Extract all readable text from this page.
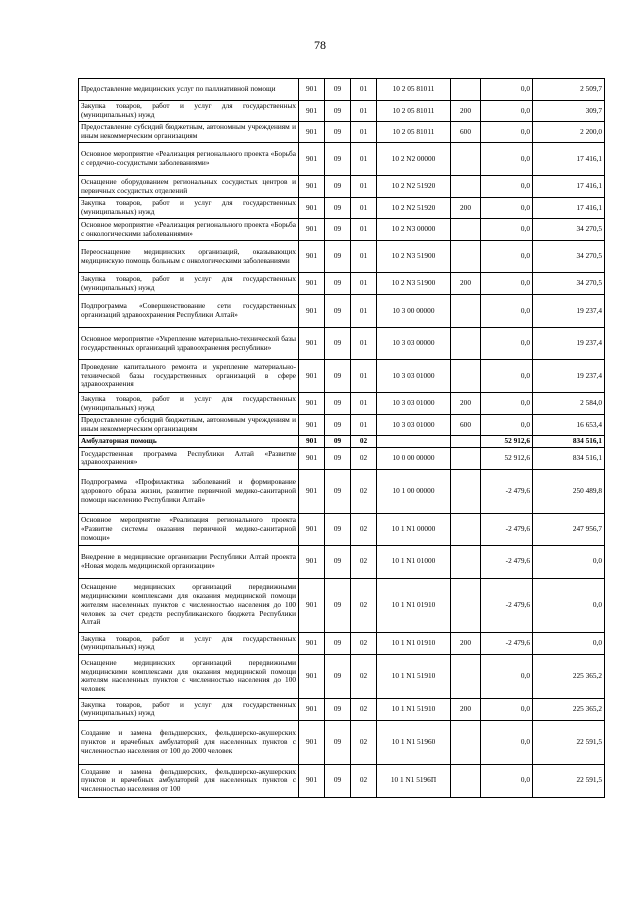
78
Предоставление медицинских услуг по паллиативной помощи	901	09	01	10 2 05 81011		0,0	2 509,7
Закупка товаров, работ и услуг для государственных (муниципальных) нужд	901	09	01	10 2 05 81011	200	0,0	309,7
Предоставление субсидий бюджетным, автономным учреждениям и иным некоммерческим организациям	901	09	01	10 2 05 81011	600	0,0	2 200,0
Основное мероприятие «Реализация регионального проекта «Борьба с сердечно-сосудистыми заболеваниями»	901	09	01	10 2 N2 00000		0,0	17 416,1
Оснащение оборудованием региональных сосудистых центров и первичных сосудистых отделений	901	09	01	10 2 N2 51920		0,0	17 416,1
Закупка товаров, работ и услуг для государственных (муниципальных) нужд	901	09	01	10 2 N2 51920	200	0,0	17 416,1
Основное мероприятие «Реализация регионального проекта «Борьба с онкологическими заболеваниями»	901	09	01	10 2 N3 00000		0,0	34 270,5
Переоснащение медицинских организаций, оказывающих медицинскую помощь больным с онкологическими заболеваниями	901	09	01	10 2 N3 51900		0,0	34 270,5
Закупка товаров, работ и услуг для государственных (муниципальных) нужд	901	09	01	10 2 N3 51900	200	0,0	34 270,5
Подпрограмма «Совершенствование сети государственных организаций здравоохранения Республики Алтай»	901	09	01	10 3 00 00000		0,0	19 237,4
Основное мероприятие «Укрепление материально-технической базы государственных организаций здравоохранения республики»	901	09	01	10 3 03 00000		0,0	19 237,4
Проведение капитального ремонта и укрепление материально-технической базы государственных организаций в сфере здравоохранения	901	09	01	10 3 03 01000		0,0	19 237,4
Закупка товаров, работ и услуг для государственных (муниципальных) нужд	901	09	01	10 3 03 01000	200	0,0	2 584,0
Предоставление субсидий бюджетным, автономным учреждениям и иным некоммерческим организациям	901	09	01	10 3 03 01000	600	0,0	16 653,4
Амбулаторная помощь	901	09	02			52 912,6	834 516,1
Государственная программа Республики Алтай «Развитие здравоохранения»	901	09	02	10 0 00 00000		52 912,6	834 516,1
Подпрограмма «Профилактика заболеваний и формирование здорового образа жизни, развитие первичной медико-санитарной помощи населению Республики Алтай»	901	09	02	10 1 00 00000		-2 479,6	250 489,8
Основное мероприятие «Реализация регионального проекта «Развитие системы оказания первичной медико-санитарной помощи»	901	09	02	10 1 N1 00000		-2 479,6	247 956,7
Внедрение в медицинские организации Республики Алтай проекта «Новая модель медицинской организации»	901	09	02	10 1 N1 01000		-2 479,6	0,0
Оснащение медицинских организаций передвижными медицинскими комплексами для оказания медицинской помощи жителям населенных пунктов с численностью населения до 100 человек за счет средств республиканского бюджета Республики Алтай	901	09	02	10 1 N1 01910		-2 479,6	0,0
Закупка товаров, работ и услуг для государственных (муниципальных) нужд	901	09	02	10 1 N1 01910	200	-2 479,6	0,0
Оснащение медицинских организаций передвижными медицинскими комплексами для оказания медицинской помощи жителям населенных пунктов с численностью населения до 100 человек	901	09	02	10 1 N1 51910		0,0	225 365,2
Закупка товаров, работ и услуг для государственных (муниципальных) нужд	901	09	02	10 1 N1 51910	200	0,0	225 365,2
Создание и замена фельдшерских, фельдшерско-акушерских пунктов и врачебных амбулаторий для населенных пунктов с численностью населения от 100 до 2000 человек	901	09	02	10 1 N1 51960		0,0	22 591,5
Создание и замена фельдшерских, фельдшерско-акушерских пунктов и врачебных амбулаторий для населенных пунктов с численностью населения от 100	901	09	02	10 1 N1 5196П		0,0	22 591,5
